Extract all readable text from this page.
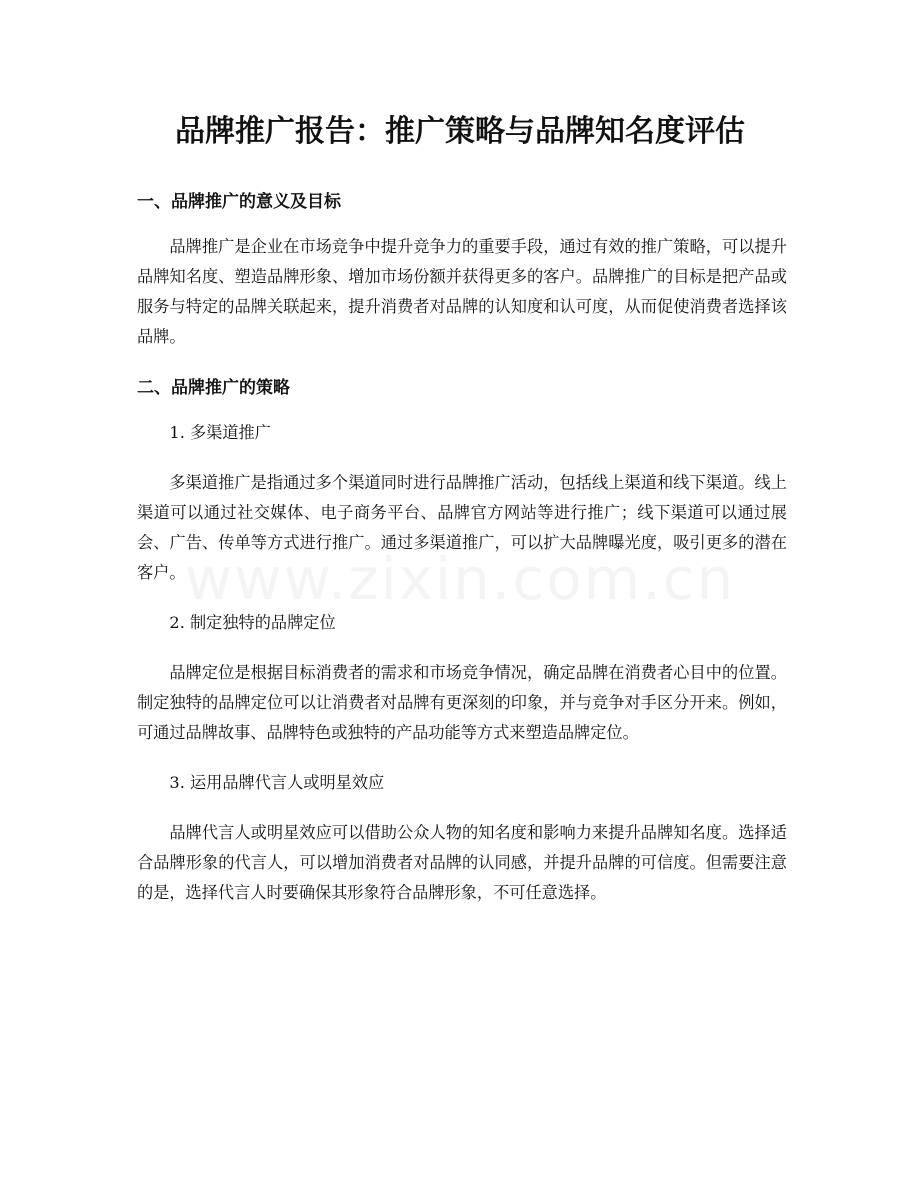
品牌推广报告：推广策略与品牌知名度评估
一、品牌推广的意义及目标

品牌推广是企业在市场竞争中提升竞争力的重要手段，通过有效的推广策略，可以提升品牌知名度、塑造品牌形象、增加市场份额并获得更多的客户。品牌推广的目标是把产品或服务与特定的品牌关联起来，提升消费者对品牌的认知度和认可度，从而促使消费者选择该品牌。

二、品牌推广的策略

1. 多渠道推广

多渠道推广是指通过多个渠道同时进行品牌推广活动，包括线上渠道和线下渠道。线上渠道可以通过社交媒体、电子商务平台、品牌官方网站等进行推广；线下渠道可以通过展会、广告、传单等方式进行推广。通过多渠道推广，可以扩大品牌曝光度，吸引更多的潜在客户。

2. 制定独特的品牌定位

品牌定位是根据目标消费者的需求和市场竞争情况，确定品牌在消费者心目中的位置。制定独特的品牌定位可以让消费者对品牌有更深刻的印象，并与竞争对手区分开来。例如，可通过品牌故事、品牌特色或独特的产品功能等方式来塑造品牌定位。

3. 运用品牌代言人或明星效应

品牌代言人或明星效应可以借助公众人物的知名度和影响力来提升品牌知名度。选择适合品牌形象的代言人，可以增加消费者对品牌的认同感，并提升品牌的可信度。但需要注意的是，选择代言人时要确保其形象符合品牌形象，不可任意选择。
